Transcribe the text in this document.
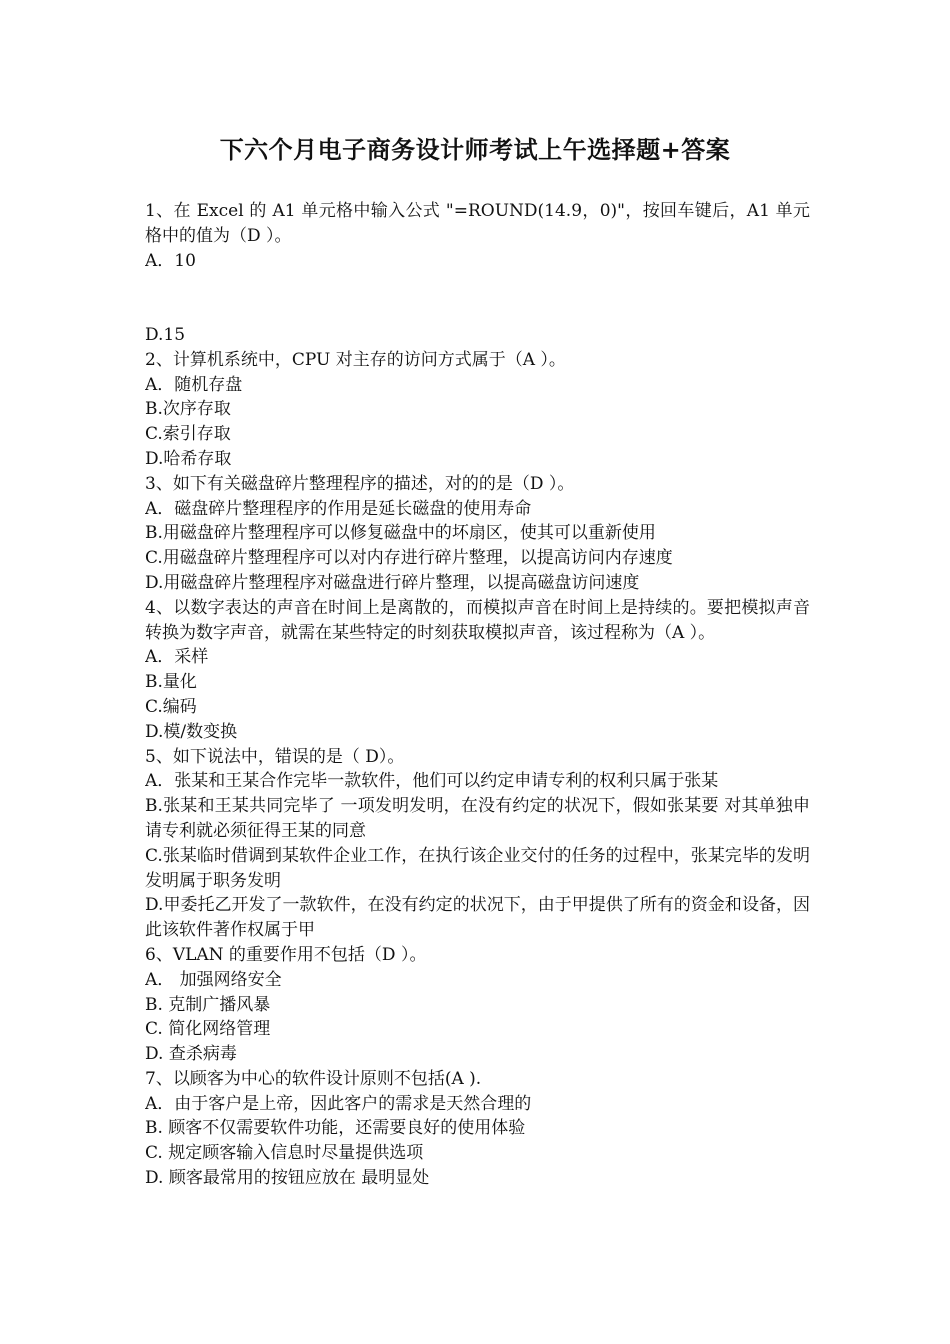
下六个月电子商务设计师考试上午选择题+答案
1、在 Excel 的 A1 单元格中输入公式 "=ROUND(14.9，0)"，按回车键后，A1 单元格中的值为（D ）。
A．10
D.15
2、计算机系统中，CPU 对主存的访问方式属于（A ）。
A．随机存盘
B.次序存取
C.索引存取
D.哈希存取
3、如下有关磁盘碎片整理程序的描述，对的的是（D ）。
A．磁盘碎片整理程序的作用是延长磁盘的使用寿命
B.用磁盘碎片整理程序可以修复磁盘中的坏扇区，使其可以重新使用
C.用磁盘碎片整理程序可以对内存进行碎片整理，以提高访问内存速度
D.用磁盘碎片整理程序对磁盘进行碎片整理，以提高磁盘访问速度
4、以数字表达的声音在时间上是离散的，而模拟声音在时间上是持续的。要把模拟声音转换为数字声音，就需在某些特定的时刻获取模拟声音，该过程称为（A ）。
A．采样
B.量化
C.编码
D.模/数变换
5、如下说法中，错误的是（ D）。
A．张某和王某合作完毕一款软件，他们可以约定申请专利的权利只属于张某
B.张某和王某共同完毕了 一项发明发明，在没有约定的状况下，假如张某要 对其单独申请专利就必须征得王某的同意
C.张某临时借调到某软件企业工作，在执行该企业交付的任务的过程中，张某完毕的发明发明属于职务发明
D.甲委托乙开发了一款软件，在没有约定的状况下，由于甲提供了所有的资金和设备，因此该软件著作权属于甲
6、VLAN 的重要作用不包括（D ）。
A． 加强网络安全
B. 克制广播风暴
C. 简化网络管理
D. 查杀病毒
7、以顾客为中心的软件设计原则不包括(A ).
A．由于客户是上帝，因此客户的需求是天然合理的
B. 顾客不仅需要软件功能，还需要良好的使用体验
C. 规定顾客输入信息时尽量提供选项
D. 顾客最常用的按钮应放在 最明显处
